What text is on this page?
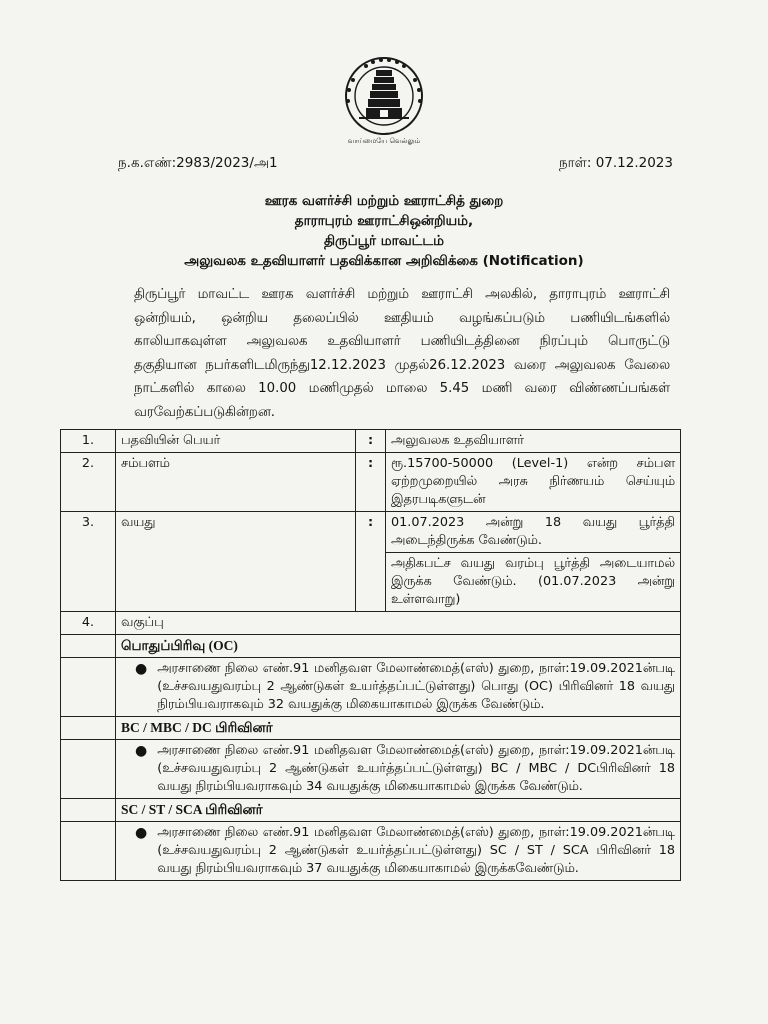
வாய்மையே வெல்லும்
ந.க.எண்:2983/2023/அ1	நாள்: 07.12.2023
ஊரக வளர்ச்சி மற்றும் ஊராட்சித் துறை
தாராபுரம் ஊராட்சிஒன்றியம்,
திருப்பூர் மாவட்டம்
அலுவலக உதவியாளர் பதவிக்கான அறிவிக்கை (Notification)
திருப்பூர் மாவட்ட ஊரக வளர்ச்சி மற்றும் ஊராட்சி அலகில், தாராபுரம் ஊராட்சி
ஒன்றியம், ஒன்றிய தலைப்பில் ஊதியம் வழங்கப்படும் பணியிடங்களில்
காலியாகவுள்ள அலுவலக உதவியாளர் பணியிடத்தினை நிரப்பும் பொருட்டு
தகுதியான நபர்களிடமிருந்து12.12.2023 முதல்26.12.2023 வரை அலுவலக வேலை
நாட்களில் காலை 10.00 மணிமுதல் மாலை 5.45 மணி வரை விண்ணப்பங்கள்
வரவேற்கப்படுகின்றன.
1.	பதவியின் பெயர்	:	அலுவலக உதவியாளர்
2.	சம்பளம்	:	ரூ.15700-50000 (Level-1) என்ற சம்பள ஏற்றமுறையில் அரசு நிர்ணயம் செய்யும் இதரபடிகளுடன்
3.	வயது	:	01.07.2023 அன்று 18 வயது பூர்த்தி அடைந்திருக்க வேண்டும்.
அதிகபட்ச வயது வரம்பு பூர்த்தி அடையாமல் இருக்க வேண்டும். (01.07.2023 அன்று உள்ளவாறு)

4.	வகுப்பு		
	பொதுப்பிரிவு (OC)		

	● அரசாணை நிலை எண்.91 மனிதவள மேலாண்மைத்(எஸ்) துறை, நாள்:19.09.2021ன்படி (உச்சவயதுவரம்பு 2 ஆண்டுகள் உயர்த்தப்பட்டுள்ளது) பொது (OC) பிரிவினர் 18 வயது நிரம்பியவராகவும் 32 வயதுக்கு மிகையாகாமல் இருக்க வேண்டும்.		

	BC / MBC / DC பிரிவினர்		

	● அரசாணை நிலை எண்.91 மனிதவள மேலாண்மைத்(எஸ்) துறை, நாள்:19.09.2021ன்படி (உச்சவயதுவரம்பு 2 ஆண்டுகள் உயர்த்தப்பட்டுள்ளது) BC / MBC / DCபிரிவினர் 18 வயது நிரம்பியவராகவும் 34 வயதுக்கு மிகையாகாமல் இருக்க வேண்டும்.		

	SC / ST / SCA பிரிவினர்		

	● அரசாணை நிலை எண்.91 மனிதவள மேலாண்மைத்(எஸ்) துறை, நாள்:19.09.2021ன்படி (உச்சவயதுவரம்பு 2 ஆண்டுகள் உயர்த்தப்பட்டுள்ளது) SC / ST / SCA பிரிவினர் 18 வயது நிரம்பியவராகவும் 37 வயதுக்கு மிகையாகாமல் இருக்கவேண்டும்.		
